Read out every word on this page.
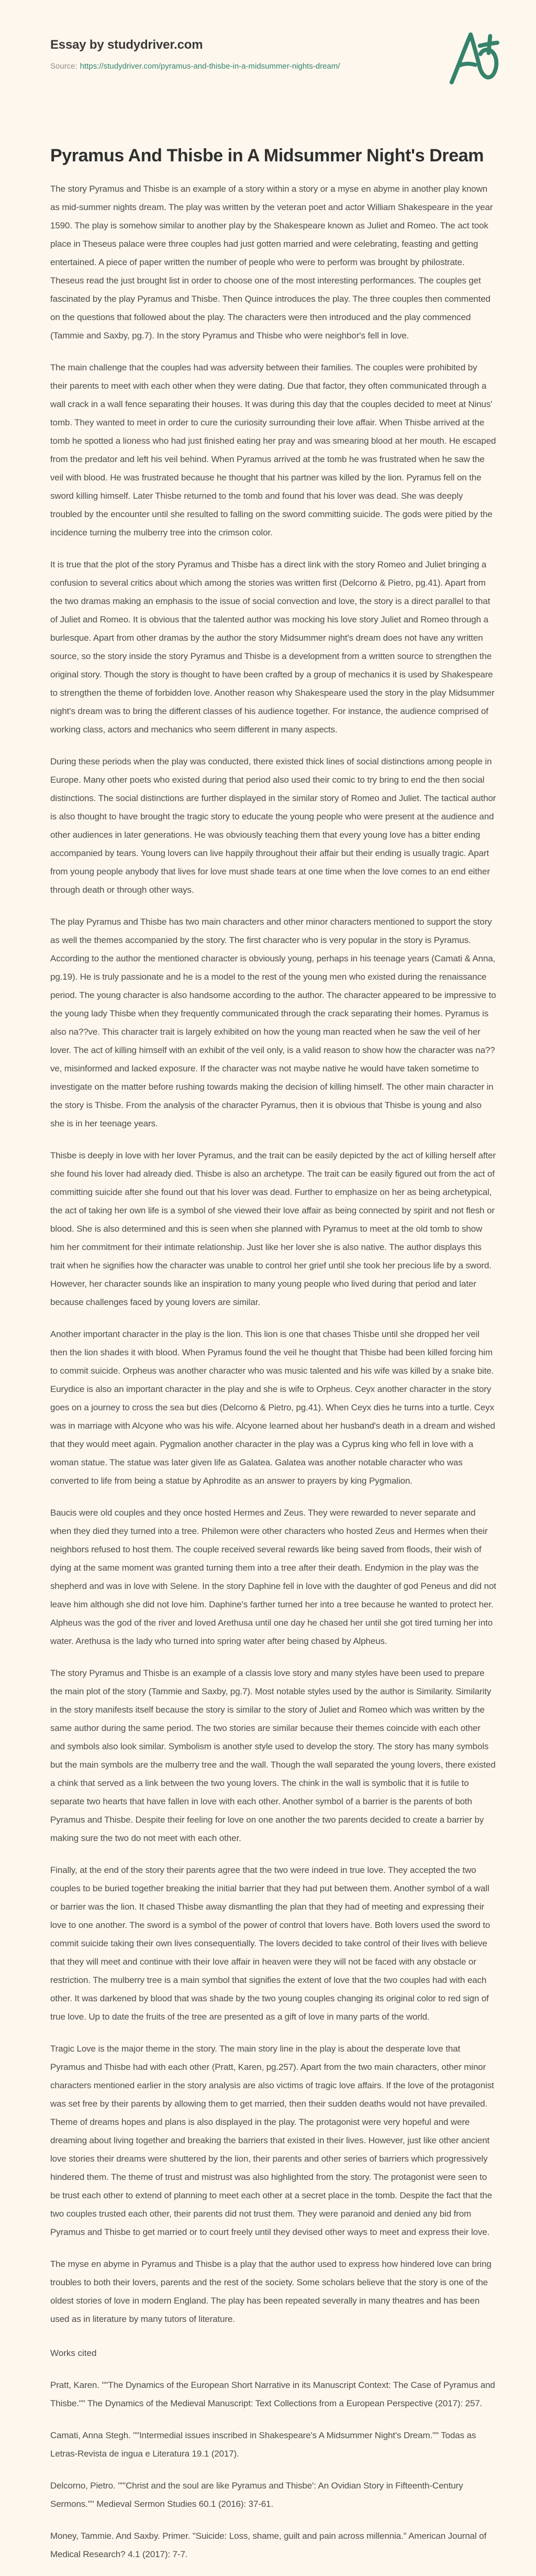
Essay by studydriver.com
Source: https://studydriver.com/pyramus-and-thisbe-in-a-midsummer-nights-dream/
Pyramus And Thisbe in A Midsummer Night's Dream

The story Pyramus and Thisbe is an example of a story within a story or a myse en abyme in another play known as mid-summer nights dream. The play was written by the veteran poet and actor William Shakespeare in the year 1590. The play is somehow similar to another play by the Shakespeare known as Juliet and Romeo. The act took place in Theseus palace were three couples had just gotten married and were celebrating, feasting and getting entertained. A piece of paper written the number of people who were to perform was brought by philostrate. Theseus read the just brought list in order to choose one of the most interesting performances. The couples get fascinated by the play Pyramus and Thisbe. Then Quince introduces the play. The three couples then commented on the questions that followed about the play. The characters were then introduced and the play commenced (Tammie and Saxby, pg.7). In the story Pyramus and Thisbe who were neighbor's fell in love.

The main challenge that the couples had was adversity between their families. The couples were prohibited by their parents to meet with each other when they were dating. Due that factor, they often communicated through a wall crack in a wall fence separating their houses. It was during this day that the couples decided to meet at Ninus' tomb. They wanted to meet in order to cure the curiosity surrounding their love affair. When Thisbe arrived at the tomb he spotted a lioness who had just finished eating her pray and was smearing blood at her mouth. He escaped from the predator and left his veil behind. When Pyramus arrived at the tomb he was frustrated when he saw the veil with blood. He was frustrated because he thought that his partner was killed by the lion. Pyramus fell on the sword killing himself. Later Thisbe returned to the tomb and found that his lover was dead. She was deeply troubled by the encounter until she resulted to falling on the sword committing suicide. The gods were pitied by the incidence turning the mulberry tree into the crimson color.

It is true that the plot of the story Pyramus and Thisbe has a direct link with the story Romeo and Juliet bringing a confusion to several critics about which among the stories was written first (Delcorno & Pietro, pg.41). Apart from the two dramas making an emphasis to the issue of social convection and love, the story is a direct parallel to that of Juliet and Romeo. It is obvious that the talented author was mocking his love story Juliet and Romeo through a burlesque. Apart from other dramas by the author the story Midsummer night's dream does not have any written source, so the story inside the story Pyramus and Thisbe is a development from a written source to strengthen the original story. Though the story is thought to have been crafted by a group of mechanics it is used by Shakespeare to strengthen the theme of forbidden love. Another reason why Shakespeare used the story in the play Midsummer night's dream was to bring the different classes of his audience together. For instance, the audience comprised of working class, actors and mechanics who seem different in many aspects.

During these periods when the play was conducted, there existed thick lines of social distinctions among people in Europe. Many other poets who existed during that period also used their comic to try bring to end the then social distinctions. The social distinctions are further displayed in the similar story of Romeo and Juliet. The tactical author is also thought to have brought the tragic story to educate the young people who were present at the audience and other audiences in later generations. He was obviously teaching them that every young love has a bitter ending accompanied by tears. Young lovers can live happily throughout their affair but their ending is usually tragic. Apart from young people anybody that lives for love must shade tears at one time when the love comes to an end either through death or through other ways.

The play Pyramus and Thisbe has two main characters and other minor characters mentioned to support the story as well the themes accompanied by the story. The first character who is very popular in the story is Pyramus. According to the author the mentioned character is obviously young, perhaps in his teenage years (Camati & Anna, pg.19). He is truly passionate and he is a model to the rest of the young men who existed during the renaissance period. The young character is also handsome according to the author. The character appeared to be impressive to the young lady Thisbe when they frequently communicated through the crack separating their homes. Pyramus is also na??ve. This character trait is largely exhibited on how the young man reacted when he saw the veil of her lover. The act of killing himself with an exhibit of the veil only, is a valid reason to show how the character was na??ve, misinformed and lacked exposure. If the character was not maybe native he would have taken sometime to investigate on the matter before rushing towards making the decision of killing himself. The other main character in the story is Thisbe. From the analysis of the character Pyramus, then it is obvious that Thisbe is young and also she is in her teenage years.

Thisbe is deeply in love with her lover Pyramus, and the trait can be easily depicted by the act of killing herself after she found his lover had already died. Thisbe is also an archetype. The trait can be easily figured out from the act of committing suicide after she found out that his lover was dead. Further to emphasize on her as being archetypical, the act of taking her own life is a symbol of she viewed their love affair as being connected by spirit and not flesh or blood. She is also determined and this is seen when she planned with Pyramus to meet at the old tomb to show him her commitment for their intimate relationship. Just like her lover she is also native. The author displays this trait when he signifies how the character was unable to control her grief until she took her precious life by a sword. However, her character sounds like an inspiration to many young people who lived during that period and later because challenges faced by young lovers are similar.

Another important character in the play is the lion. This lion is one that chases Thisbe until she dropped her veil then the lion shades it with blood. When Pyramus found the veil he thought that Thisbe had been killed forcing him to commit suicide. Orpheus was another character who was music talented and his wife was killed by a snake bite. Eurydice is also an important character in the play and she is wife to Orpheus. Ceyx another character in the story goes on a journey to cross the sea but dies (Delcorno & Pietro, pg.41). When Ceyx dies he turns into a turtle. Ceyx was in marriage with Alcyone who was his wife. Alcyone learned about her husband's death in a dream and wished that they would meet again. Pygmalion another character in the play was a Cyprus king who fell in love with a woman statue. The statue was later given life as Galatea. Galatea was another notable character who was converted to life from being a statue by Aphrodite as an answer to prayers by king Pygmalion.

Baucis were old couples and they once hosted Hermes and Zeus. They were rewarded to never separate and when they died they turned into a tree. Philemon were other characters who hosted Zeus and Hermes when their neighbors refused to host them. The couple received several rewards like being saved from floods, their wish of dying at the same moment was granted turning them into a tree after their death. Endymion in the play was the shepherd and was in love with Selene. In the story Daphine fell in love with the daughter of god Peneus and did not leave him although she did not love him. Daphine's farther turned her into a tree because he wanted to protect her. Alpheus was the god of the river and loved Arethusa until one day he chased her until she got tired turning her into water. Arethusa is the lady who turned into spring water after being chased by Alpheus.

The story Pyramus and Thisbe is an example of a classis love story and many styles have been used to prepare the main plot of the story (Tammie and Saxby, pg.7). Most notable styles used by the author is Similarity. Similarity in the story manifests itself because the story is similar to the story of Juliet and Romeo which was written by the same author during the same period. The two stories are similar because their themes coincide with each other and symbols also look similar. Symbolism is another style used to develop the story. The story has many symbols but the main symbols are the mulberry tree and the wall. Though the wall separated the young lovers, there existed a chink that served as a link between the two young lovers. The chink in the wall is symbolic that it is futile to separate two hearts that have fallen in love with each other. Another symbol of a barrier is the parents of both Pyramus and Thisbe. Despite their feeling for love on one another the two parents decided to create a barrier by making sure the two do not meet with each other.

Finally, at the end of the story their parents agree that the two were indeed in true love. They accepted the two couples to be buried together breaking the initial barrier that they had put between them. Another symbol of a wall or barrier was the lion. It chased Thisbe away dismantling the plan that they had of meeting and expressing their love to one another. The sword is a symbol of the power of control that lovers have. Both lovers used the sword to commit suicide taking their own lives consequentially. The lovers decided to take control of their lives with believe that they will meet and continue with their love affair in heaven were they will not be faced with any obstacle or restriction. The mulberry tree is a main symbol that signifies the extent of love that the two couples had with each other. It was darkened by blood that was shade by the two young couples changing its original color to red sign of true love. Up to date the fruits of the tree are presented as a gift of love in many parts of the world.

Tragic Love is the major theme in the story. The main story line in the play is about the desperate love that Pyramus and Thisbe had with each other (Pratt, Karen, pg.257). Apart from the two main characters, other minor characters mentioned earlier in the story analysis are also victims of tragic love affairs. If the love of the protagonist was set free by their parents by allowing them to get married, then their sudden deaths would not have prevailed. Theme of dreams hopes and plans is also displayed in the play. The protagonist were very hopeful and were dreaming about living together and breaking the barriers that existed in their lives. However, just like other ancient love stories their dreams were shuttered by the lion, their parents and other series of barriers which progressively hindered them. The theme of trust and mistrust was also highlighted from the story. The protagonist were seen to be trust each other to extend of planning to meet each other at a secret place in the tomb. Despite the fact that the two couples trusted each other, their parents did not trust them. They were paranoid and denied any bid from Pyramus and Thisbe to get married or to court freely until they devised other ways to meet and express their love.

The myse en abyme in Pyramus and Thisbe is a play that the author used to express how hindered love can bring troubles to both their lovers, parents and the rest of the society. Some scholars believe that the story is one of the oldest stories of love in modern England. The play has been repeated severally in many theatres and has been used as in literature by many tutors of literature.

Works cited

Pratt, Karen. ""The Dynamics of the European Short Narrative in its Manuscript Context: The Case of Pyramus and Thisbe."" The Dynamics of the Medieval Manuscript: Text Collections from a European Perspective (2017): 257.

Camati, Anna Stegh. ""Intermedial issues inscribed in Shakespeare's A Midsummer Night's Dream."" Todas as Letras-Revista de ingua e Literatura 19.1 (2017).

Delcorno, Pietro. ""'Christ and the soul are like Pyramus and Thisbe': An Ovidian Story in Fifteenth-Century Sermons."" Medieval Sermon Studies 60.1 (2016): 37-61.

Money, Tammie. And Saxby. Primer. "Suicide: Loss, shame, guilt and pain across millennia." American Journal of Medical Research? 4.1 (2017): 7-7.
